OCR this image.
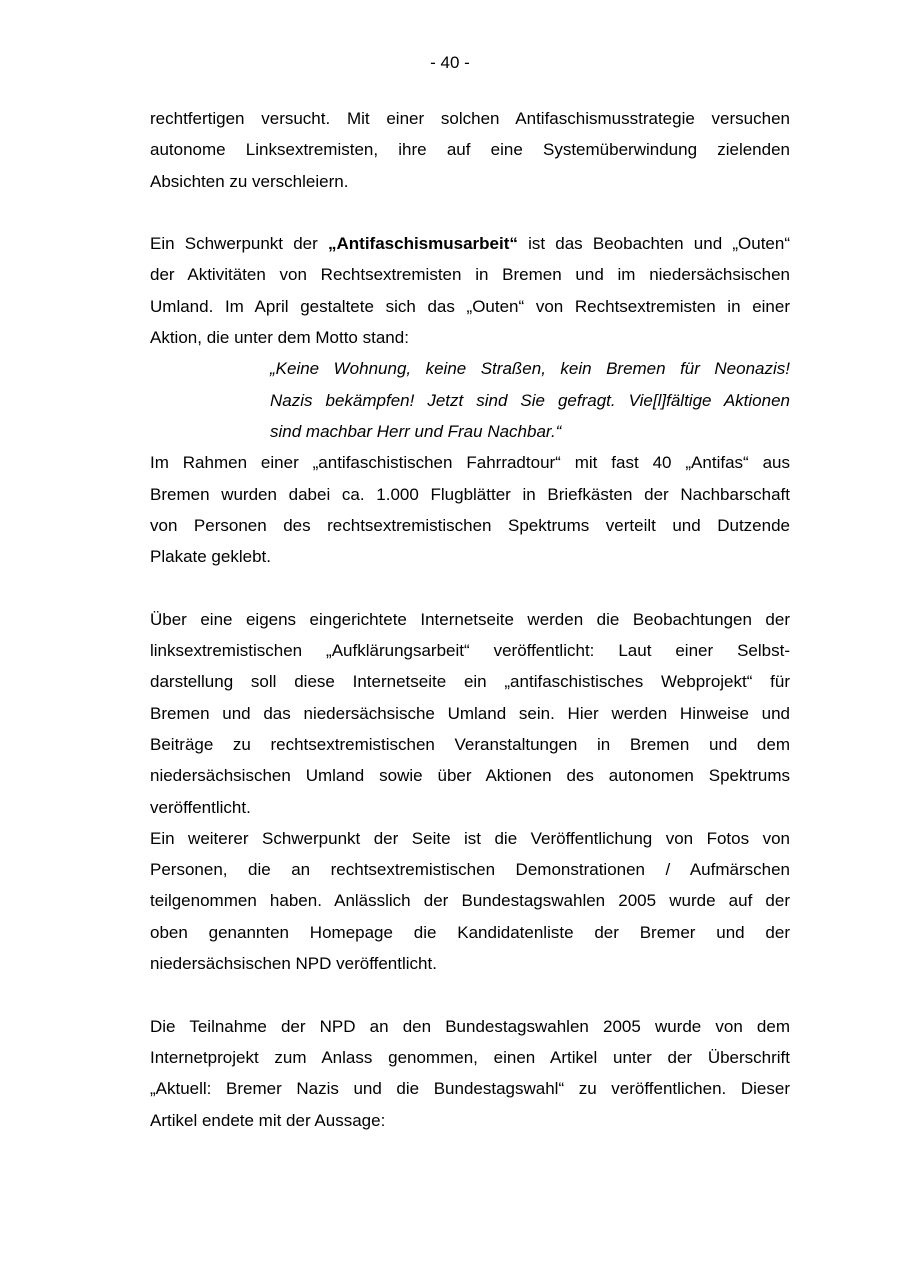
- 40 -
rechtfertigen versucht. Mit einer solchen Antifaschismusstrategie versuchen
autonome Linksextremisten, ihre auf eine Systemüberwindung zielenden
Absichten zu verschleiern.
Ein Schwerpunkt der „Antifaschismusarbeit“ ist das Beobachten und „Outen“
der Aktivitäten von Rechtsextremisten in Bremen und im niedersächsischen
Umland. Im April gestaltete sich das „Outen“ von Rechtsextremisten in einer
Aktion, die unter dem Motto stand:
„Keine Wohnung, keine Straßen, kein Bremen für Neonazis!
Nazis bekämpfen! Jetzt sind Sie gefragt. Vie[l]fältige Aktionen
sind machbar Herr und Frau Nachbar.“
Im Rahmen einer „antifaschistischen Fahrradtour“ mit fast 40 „Antifas“ aus
Bremen wurden dabei ca. 1.000 Flugblätter in Briefkästen der Nachbarschaft
von Personen des rechtsextremistischen Spektrums verteilt und Dutzende
Plakate geklebt.
Über eine eigens eingerichtete Internetseite werden die Beobachtungen der
linksextremistischen „Aufklärungsarbeit“ veröffentlicht: Laut einer Selbst-
darstellung soll diese Internetseite ein „antifaschistisches Webprojekt“ für
Bremen und das niedersächsische Umland sein. Hier werden Hinweise und
Beiträge zu rechtsextremistischen Veranstaltungen in Bremen und dem
niedersächsischen Umland sowie über Aktionen des autonomen Spektrums
veröffentlicht.
Ein weiterer Schwerpunkt der Seite ist die Veröffentlichung von Fotos von
Personen, die an rechtsextremistischen Demonstrationen / Aufmärschen
teilgenommen haben. Anlässlich der Bundestagswahlen 2005 wurde auf der
oben genannten Homepage die Kandidatenliste der Bremer und der
niedersächsischen NPD veröffentlicht.
Die Teilnahme der NPD an den Bundestagswahlen 2005 wurde von dem
Internetprojekt zum Anlass genommen, einen Artikel unter der Überschrift
„Aktuell: Bremer Nazis und die Bundestagswahl“ zu veröffentlichen. Dieser
Artikel endete mit der Aussage:
